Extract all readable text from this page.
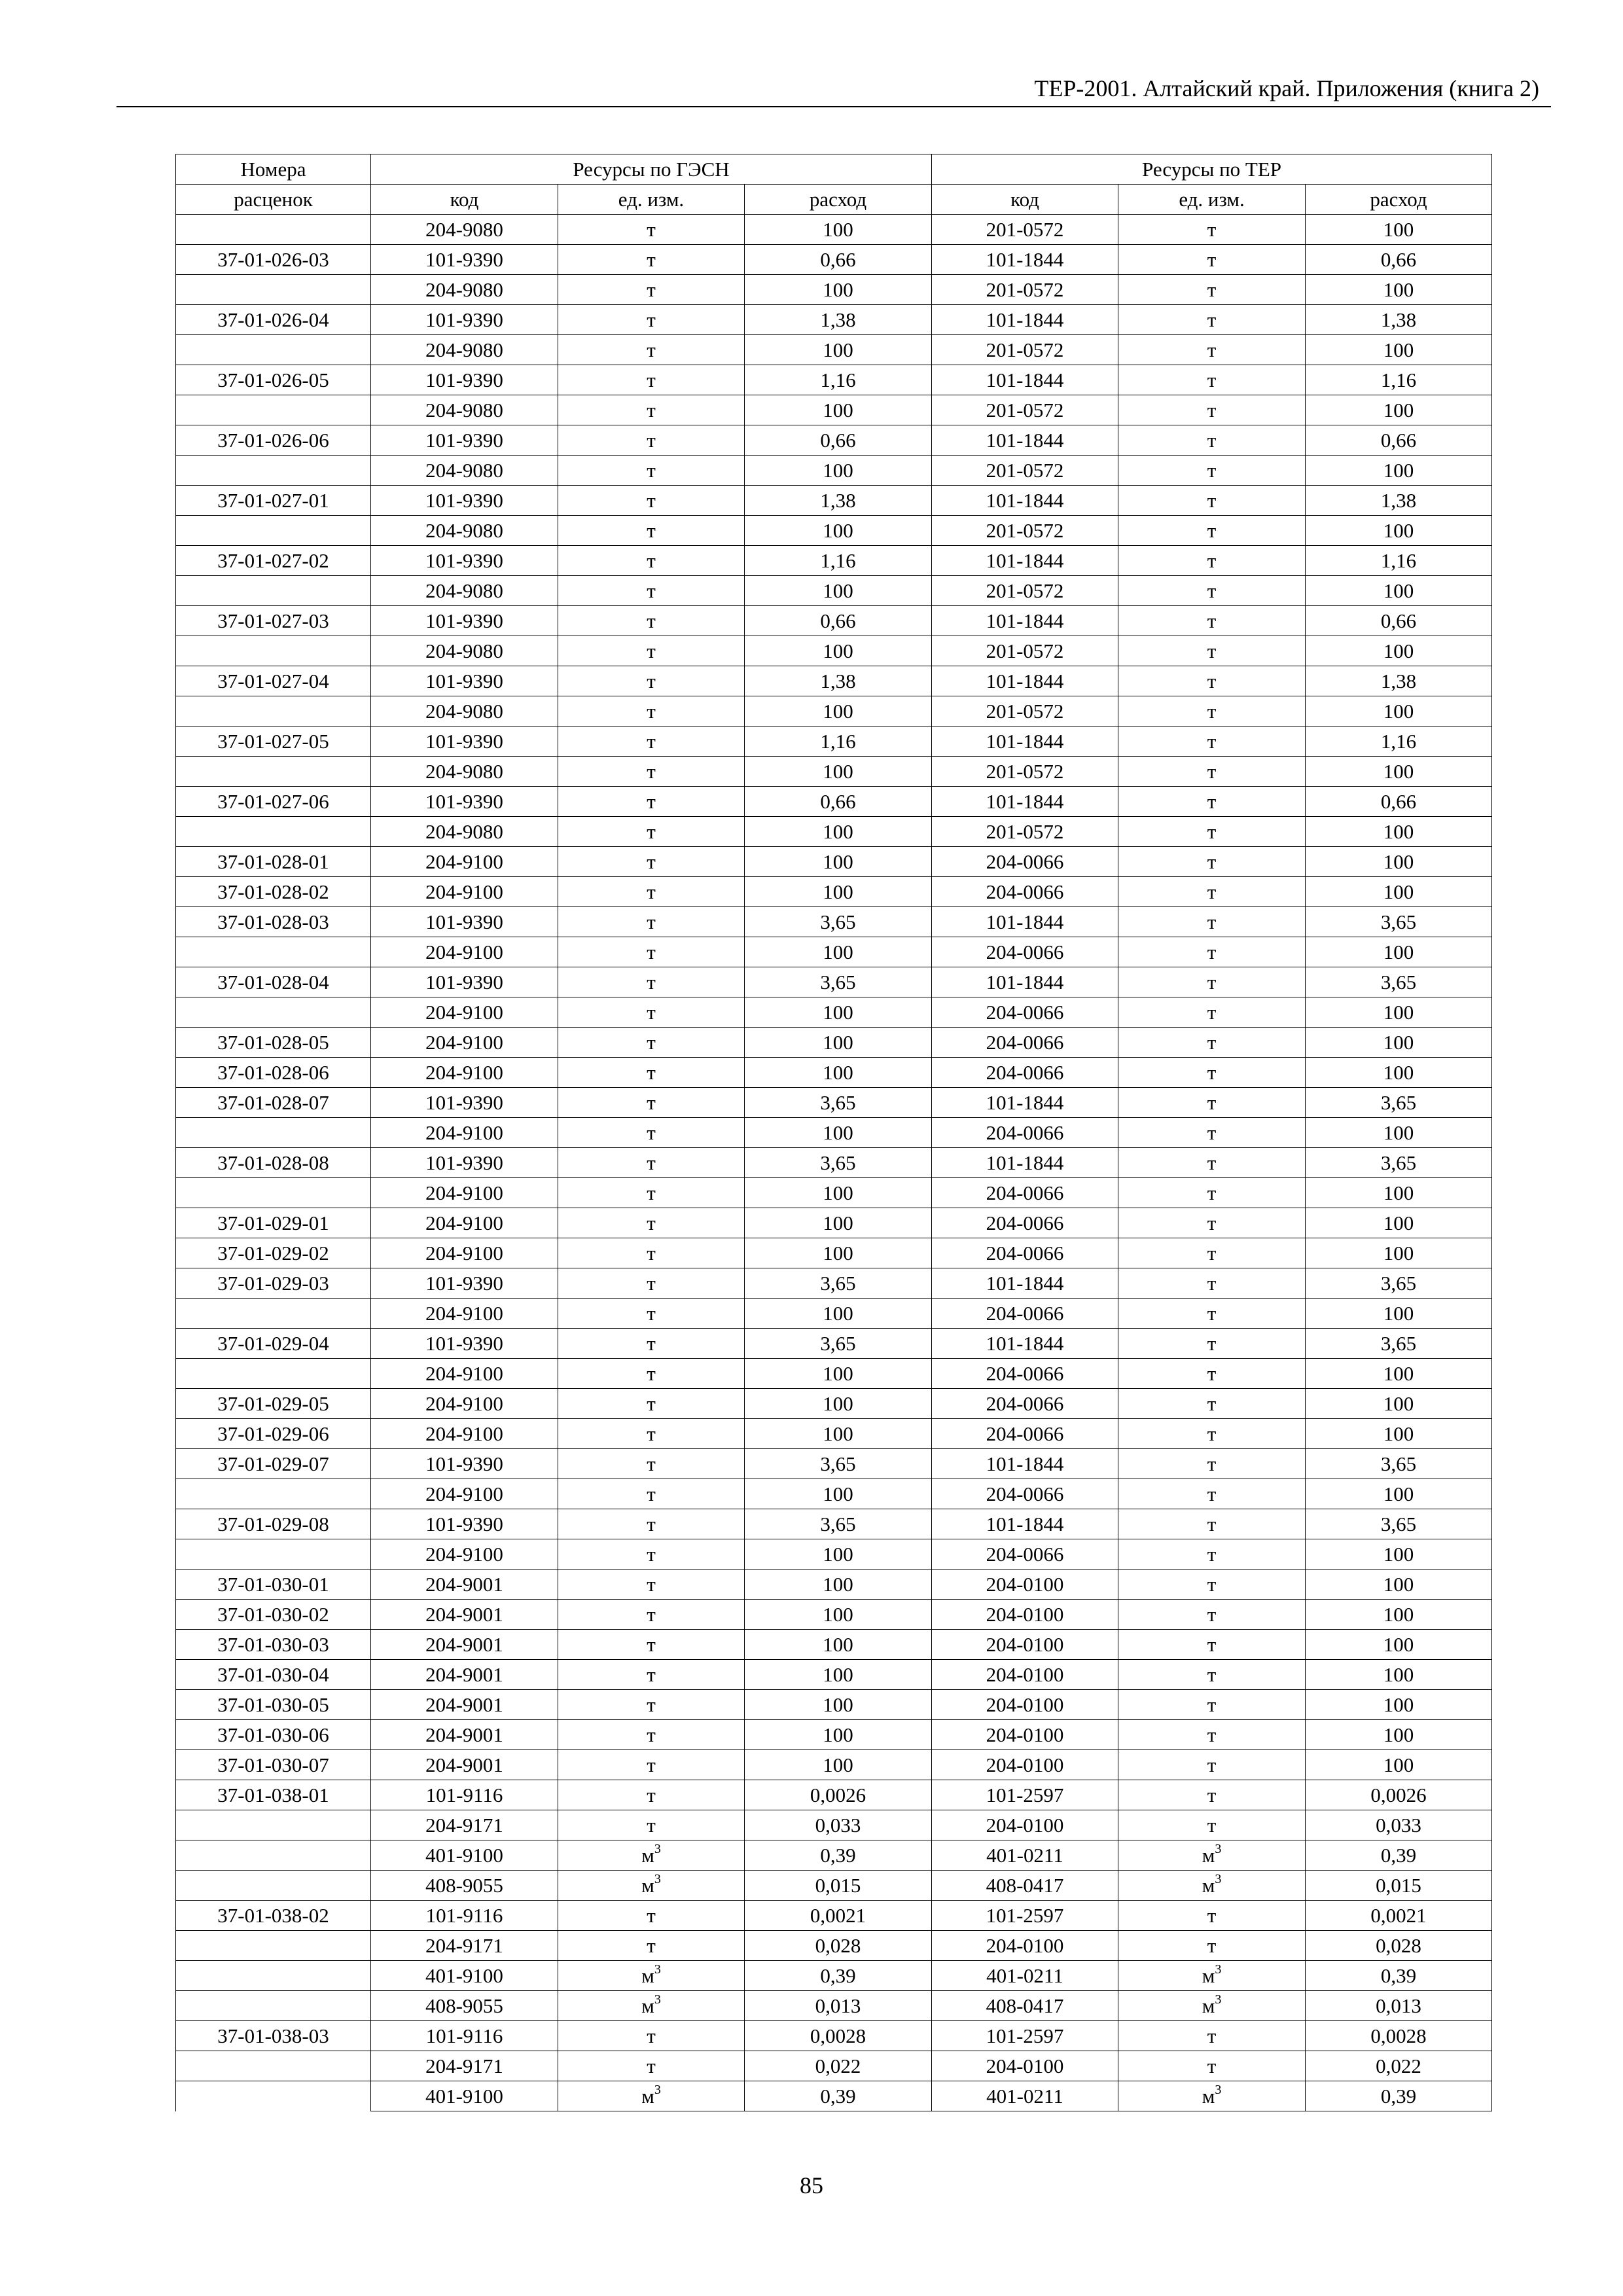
ТЕР-2001. Алтайский край. Приложения (книга 2)
Номера	Ресурсы по ГЭСН			Ресурсы по ТЕР		
расценок	код	ед. изм.	расход	код	ед. изм.	расход
	204-9080	т	100	201-0572	т	100
37-01-026-03	101-9390	т	0,66	101-1844	т	0,66
	204-9080	т	100	201-0572	т	100
37-01-026-04	101-9390	т	1,38	101-1844	т	1,38
	204-9080	т	100	201-0572	т	100
37-01-026-05	101-9390	т	1,16	101-1844	т	1,16
	204-9080	т	100	201-0572	т	100
37-01-026-06	101-9390	т	0,66	101-1844	т	0,66
	204-9080	т	100	201-0572	т	100
37-01-027-01	101-9390	т	1,38	101-1844	т	1,38
	204-9080	т	100	201-0572	т	100
37-01-027-02	101-9390	т	1,16	101-1844	т	1,16
	204-9080	т	100	201-0572	т	100
37-01-027-03	101-9390	т	0,66	101-1844	т	0,66
	204-9080	т	100	201-0572	т	100
37-01-027-04	101-9390	т	1,38	101-1844	т	1,38
	204-9080	т	100	201-0572	т	100
37-01-027-05	101-9390	т	1,16	101-1844	т	1,16
	204-9080	т	100	201-0572	т	100
37-01-027-06	101-9390	т	0,66	101-1844	т	0,66
	204-9080	т	100	201-0572	т	100
37-01-028-01	204-9100	т	100	204-0066	т	100
37-01-028-02	204-9100	т	100	204-0066	т	100
37-01-028-03	101-9390	т	3,65	101-1844	т	3,65
	204-9100	т	100	204-0066	т	100
37-01-028-04	101-9390	т	3,65	101-1844	т	3,65
	204-9100	т	100	204-0066	т	100
37-01-028-05	204-9100	т	100	204-0066	т	100
37-01-028-06	204-9100	т	100	204-0066	т	100
37-01-028-07	101-9390	т	3,65	101-1844	т	3,65
	204-9100	т	100	204-0066	т	100
37-01-028-08	101-9390	т	3,65	101-1844	т	3,65
	204-9100	т	100	204-0066	т	100
37-01-029-01	204-9100	т	100	204-0066	т	100
37-01-029-02	204-9100	т	100	204-0066	т	100
37-01-029-03	101-9390	т	3,65	101-1844	т	3,65
	204-9100	т	100	204-0066	т	100
37-01-029-04	101-9390	т	3,65	101-1844	т	3,65
	204-9100	т	100	204-0066	т	100
37-01-029-05	204-9100	т	100	204-0066	т	100
37-01-029-06	204-9100	т	100	204-0066	т	100
37-01-029-07	101-9390	т	3,65	101-1844	т	3,65
	204-9100	т	100	204-0066	т	100
37-01-029-08	101-9390	т	3,65	101-1844	т	3,65
	204-9100	т	100	204-0066	т	100
37-01-030-01	204-9001	т	100	204-0100	т	100
37-01-030-02	204-9001	т	100	204-0100	т	100
37-01-030-03	204-9001	т	100	204-0100	т	100
37-01-030-04	204-9001	т	100	204-0100	т	100
37-01-030-05	204-9001	т	100	204-0100	т	100
37-01-030-06	204-9001	т	100	204-0100	т	100
37-01-030-07	204-9001	т	100	204-0100	т	100
37-01-038-01	101-9116	т	0,0026	101-2597	т	0,0026
	204-9171	т	0,033	204-0100	т	0,033
	401-9100	$м^3$	0,39	401-0211	$м^3$	0,39
	408-9055	$м^3$	0,015	408-0417	$м^3$	0,015
37-01-038-02	101-9116	т	0,0021	101-2597	т	0,0021
	204-9171	т	0,028	204-0100	т	0,028
	401-9100	$м^3$	0,39	401-0211	$м^3$	0,39
	408-9055	$м^3$	0,013	408-0417	$м^3$	0,013
37-01-038-03	101-9116	т	0,0028	101-2597	т	0,0028
	204-9171	т	0,022	204-0100	т	0,022
	401-9100	$м^3$	0,39	401-0211	$м^3$	0,39
85
